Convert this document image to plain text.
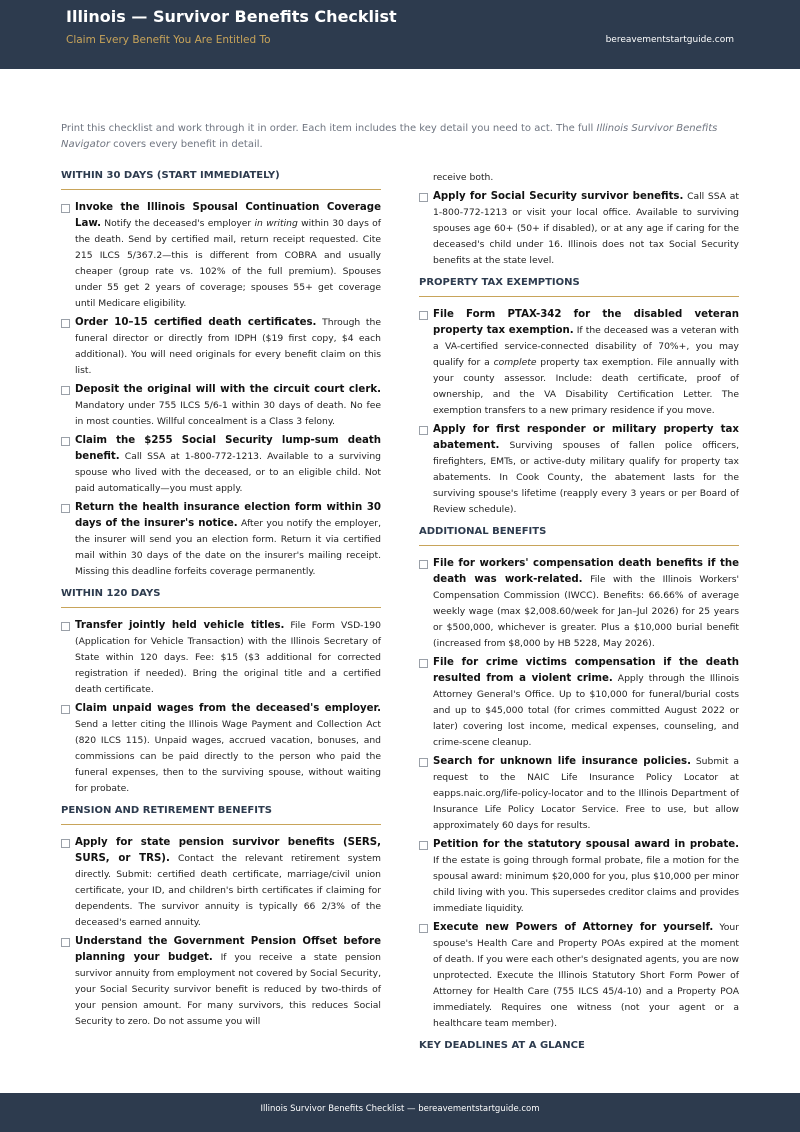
Illinois — Survivor Benefits Checklist
Claim Every Benefit You Are Entitled To	bereavementstartguide.com
Print this checklist and work through it in order. Each item includes the key detail you need to act. The full Illinois Survivor Benefits Navigator covers every benefit in detail.
WITHIN 30 DAYS (START IMMEDIATELY)
Invoke the Illinois Spousal Continuation Coverage Law. Notify the deceased's employer in writing within 30 days of the death. Send by certified mail, return receipt requested. Cite 215 ILCS 5/367.2—this is different from COBRA and usually cheaper (group rate vs. 102% of the full premium). Spouses under 55 get 2 years of coverage; spouses 55+ get coverage until Medicare eligibility.
Order 10–15 certified death certificates. Through the funeral director or directly from IDPH ($19 first copy, $4 each additional). You will need originals for every benefit claim on this list.
Deposit the original will with the circuit court clerk. Mandatory under 755 ILCS 5/6-1 within 30 days of death. No fee in most counties. Willful concealment is a Class 3 felony.
Claim the $255 Social Security lump-sum death benefit. Call SSA at 1-800-772-1213. Available to a surviving spouse who lived with the deceased, or to an eligible child. Not paid automatically—you must apply.
Return the health insurance election form within 30 days of the insurer's notice. After you notify the employer, the insurer will send you an election form. Return it via certified mail within 30 days of the date on the insurer's mailing receipt. Missing this deadline forfeits coverage permanently.
WITHIN 120 DAYS
Transfer jointly held vehicle titles. File Form VSD-190 (Application for Vehicle Transaction) with the Illinois Secretary of State within 120 days. Fee: $15 ($3 additional for corrected registration if needed). Bring the original title and a certified death certificate.
Claim unpaid wages from the deceased's employer. Send a letter citing the Illinois Wage Payment and Collection Act (820 ILCS 115). Unpaid wages, accrued vacation, bonuses, and commissions can be paid directly to the person who paid the funeral expenses, then to the surviving spouse, without waiting for probate.
PENSION AND RETIREMENT BENEFITS
Apply for state pension survivor benefits (SERS, SURS, or TRS). Contact the relevant retirement system directly. Submit: certified death certificate, marriage/civil union certificate, your ID, and children's birth certificates if claiming for dependents. The survivor annuity is typically 66 2/3% of the deceased's earned annuity.
Understand the Government Pension Offset before planning your budget. If you receive a state pension survivor annuity from employment not covered by Social Security, your Social Security survivor benefit is reduced by two-thirds of your pension amount. For many survivors, this reduces Social Security to zero. Do not assume you will
receive both.
Apply for Social Security survivor benefits. Call SSA at 1-800-772-1213 or visit your local office. Available to surviving spouses age 60+ (50+ if disabled), or at any age if caring for the deceased's child under 16. Illinois does not tax Social Security benefits at the state level.
PROPERTY TAX EXEMPTIONS
File Form PTAX-342 for the disabled veteran property tax exemption. If the deceased was a veteran with a VA-certified service-connected disability of 70%+, you may qualify for a complete property tax exemption. File annually with your county assessor. Include: death certificate, proof of ownership, and the VA Disability Certification Letter. The exemption transfers to a new primary residence if you move.
Apply for first responder or military property tax abatement. Surviving spouses of fallen police officers, firefighters, EMTs, or active-duty military qualify for property tax abatements. In Cook County, the abatement lasts for the surviving spouse's lifetime (reapply every 3 years or per Board of Review schedule).
ADDITIONAL BENEFITS
File for workers' compensation death benefits if the death was work-related. File with the Illinois Workers' Compensation Commission (IWCC). Benefits: 66.66% of average weekly wage (max $2,008.60/week for Jan–Jul 2026) for 25 years or $500,000, whichever is greater. Plus a $10,000 burial benefit (increased from $8,000 by HB 5228, May 2026).
File for crime victims compensation if the death resulted from a violent crime. Apply through the Illinois Attorney General's Office. Up to $10,000 for funeral/burial costs and up to $45,000 total (for crimes committed August 2022 or later) covering lost income, medical expenses, counseling, and crime-scene cleanup.
Search for unknown life insurance policies. Submit a request to the NAIC Life Insurance Policy Locator at eapps.naic.org/life-policy-locator and to the Illinois Department of Insurance Life Policy Locator Service. Free to use, but allow approximately 60 days for results.
Petition for the statutory spousal award in probate. If the estate is going through formal probate, file a motion for the spousal award: minimum $20,000 for you, plus $10,000 per minor child living with you. This supersedes creditor claims and provides immediate liquidity.
Execute new Powers of Attorney for yourself. Your spouse's Health Care and Property POAs expired at the moment of death. If you were each other's designated agents, you are now unprotected. Execute the Illinois Statutory Short Form Power of Attorney for Health Care (755 ILCS 45/4-10) and a Property POA immediately. Requires one witness (not your agent or a healthcare team member).
KEY DEADLINES AT A GLANCE
Illinois Survivor Benefits Checklist — bereavementstartguide.com
